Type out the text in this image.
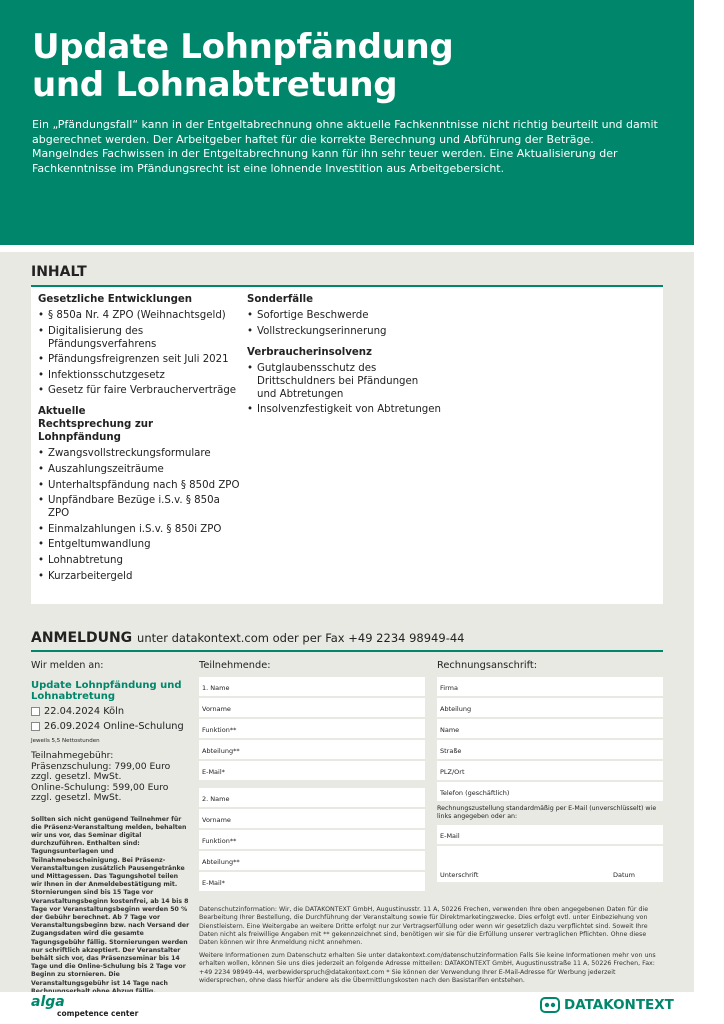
Update Lohnpfändung
und Lohnabtretung

Ein „Pfändungsfall“ kann in der Entgeltabrechnung ohne aktuelle Fachkenntnisse nicht richtig beurteilt und damit abgerechnet werden. Der Arbeitgeber haftet für die korrekte Berechnung und Abführung der Beträge. Mangelndes Fachwissen in der Entgeltabrechnung kann für ihn sehr teuer werden. Eine Aktualisierung der Fachkenntnisse im Pfändungsrecht ist eine lohnende Investition aus Arbeitgebersicht.

INHALT
Gesetzliche Entwicklungen
• § 850a Nr. 4 ZPO (Weihnachtsgeld)
• Digitalisierung des Pfändungsverfahrens
• Pfändungsfreigrenzen seit Juli 2021
• Infektionsschutzgesetz
• Gesetz für faire Verbraucherverträge
Aktuelle Rechtsprechung zur Lohnpfändung
• Zwangsvollstreckungsformulare
• Auszahlungszeiträume
• Unterhaltspfändung nach § 850d ZPO
• Unpfändbare Bezüge i.S.v. § 850a ZPO
• Einmalzahlungen i.S.v. § 850i ZPO
• Entgeltumwandlung
• Lohnabtretung
• Kurzarbeitergeld
Sonderfälle
• Sofortige Beschwerde
• Vollstreckungserinnerung
Verbraucherinsolvenz
• Gutglaubensschutz des Drittschuldners bei Pfändungen und Abtretungen
• Insolvenzfestigkeit von Abtretungen
ANMELDUNG unter datakontext.com oder per Fax +49 2234 98949-44
Wir melden an:
Update Lohnpfändung und Lohnabtretung
22.04.2024 Köln
26.09.2024 Online-Schulung
Jeweils 5,5 Nettostunden
Teilnahmegebühr:
Präsenzschulung: 799,00 Euro
zzgl. gesetzl. MwSt.
Online-Schulung: 599,00 Euro
zzgl. gesetzl. MwSt.
Sollten sich nicht genügend Teilnehmer für die Präsenz-Veranstaltung melden, behalten wir uns vor, das Seminar digital durchzuführen. Enthalten sind: Tagungsunterlagen und Teilnahmebescheinigung. Bei Präsenz-Veranstaltungen zusätzlich Pausengetränke und Mittagessen. Das Tagungshotel teilen wir Ihnen in der Anmeldebestätigung mit. Stornierungen sind bis 15 Tage vor Veranstaltungsbeginn kostenfrei, ab 14 bis 8 Tage vor Veranstaltungsbeginn werden 50 % der Gebühr berechnet. Ab 7 Tage vor Veranstaltungsbeginn bzw. nach Versand der Zugangsdaten wird die gesamte Tagungsgebühr fällig. Stornierungen werden nur schriftlich akzeptiert. Der Veranstalter behält sich vor, das Präsenzseminar bis 14 Tage und die Online-Schulung bis 2 Tage vor Beginn zu stornieren. Die Veranstaltungsgebühr ist 14 Tage nach
Teilnehmende:
1. Name
Vorname
Funktion**
Abteilung**
E-Mail*
2. Name
Vorname
Funktion**
Abteilung**
E-Mail*
Rechnungsanschrift:
Firma
Abteilung
Name
Straße
PLZ/Ort
Telefon (geschäftlich)
Rechnungszustellung standardmäßig per E-Mail (unverschlüsselt) wie links angegeben oder an:
E-Mail
Unterschrift	Datum
Datenschutzinformation: Wir, die DATAKONTEXT GmbH, Augustinusstr. 11 A, 50226 Frechen, verwenden Ihre oben angegebenen Daten für die Bearbeitung Ihrer Bestellung, die Durchführung der Veranstaltung sowie für Direktmarketingzwecke. Dies erfolgt evtl. unter Einbeziehung von Dienstleistern. Eine Weitergabe an weitere Dritte erfolgt nur zur Vertragserfüllung oder wenn wir gesetzlich dazu verpflichtet sind. Soweit Ihre Daten nicht als freiwillige Angaben mit ** gekennzeichnet sind, benötigen wir sie für die Erfüllung unserer vertraglichen Pflichten. Ohne diese Daten können wir Ihre Anmeldung nicht annehmen.
Weitere Informationen zum Datenschutz erhalten Sie unter datakontext.com/datenschutzinformation Falls Sie keine Informationen mehr von uns erhalten wollen, können Sie uns dies jederzeit an folgende Adresse mitteilen: DATAKONTEXT GmbH, Augustinusstraße 11 A, 50226 Frechen, Fax: +49 2234 98949-44, werbewiderspruch@datakontext.com * Sie können der Verwendung Ihrer E-Mail-Adresse für Werbung jederzeit widersprechen, ohne dass hierfür andere als die Übermittlungskosten nach den Basistarifen entstehen.
alga
competence center
DATAKONTEXT
